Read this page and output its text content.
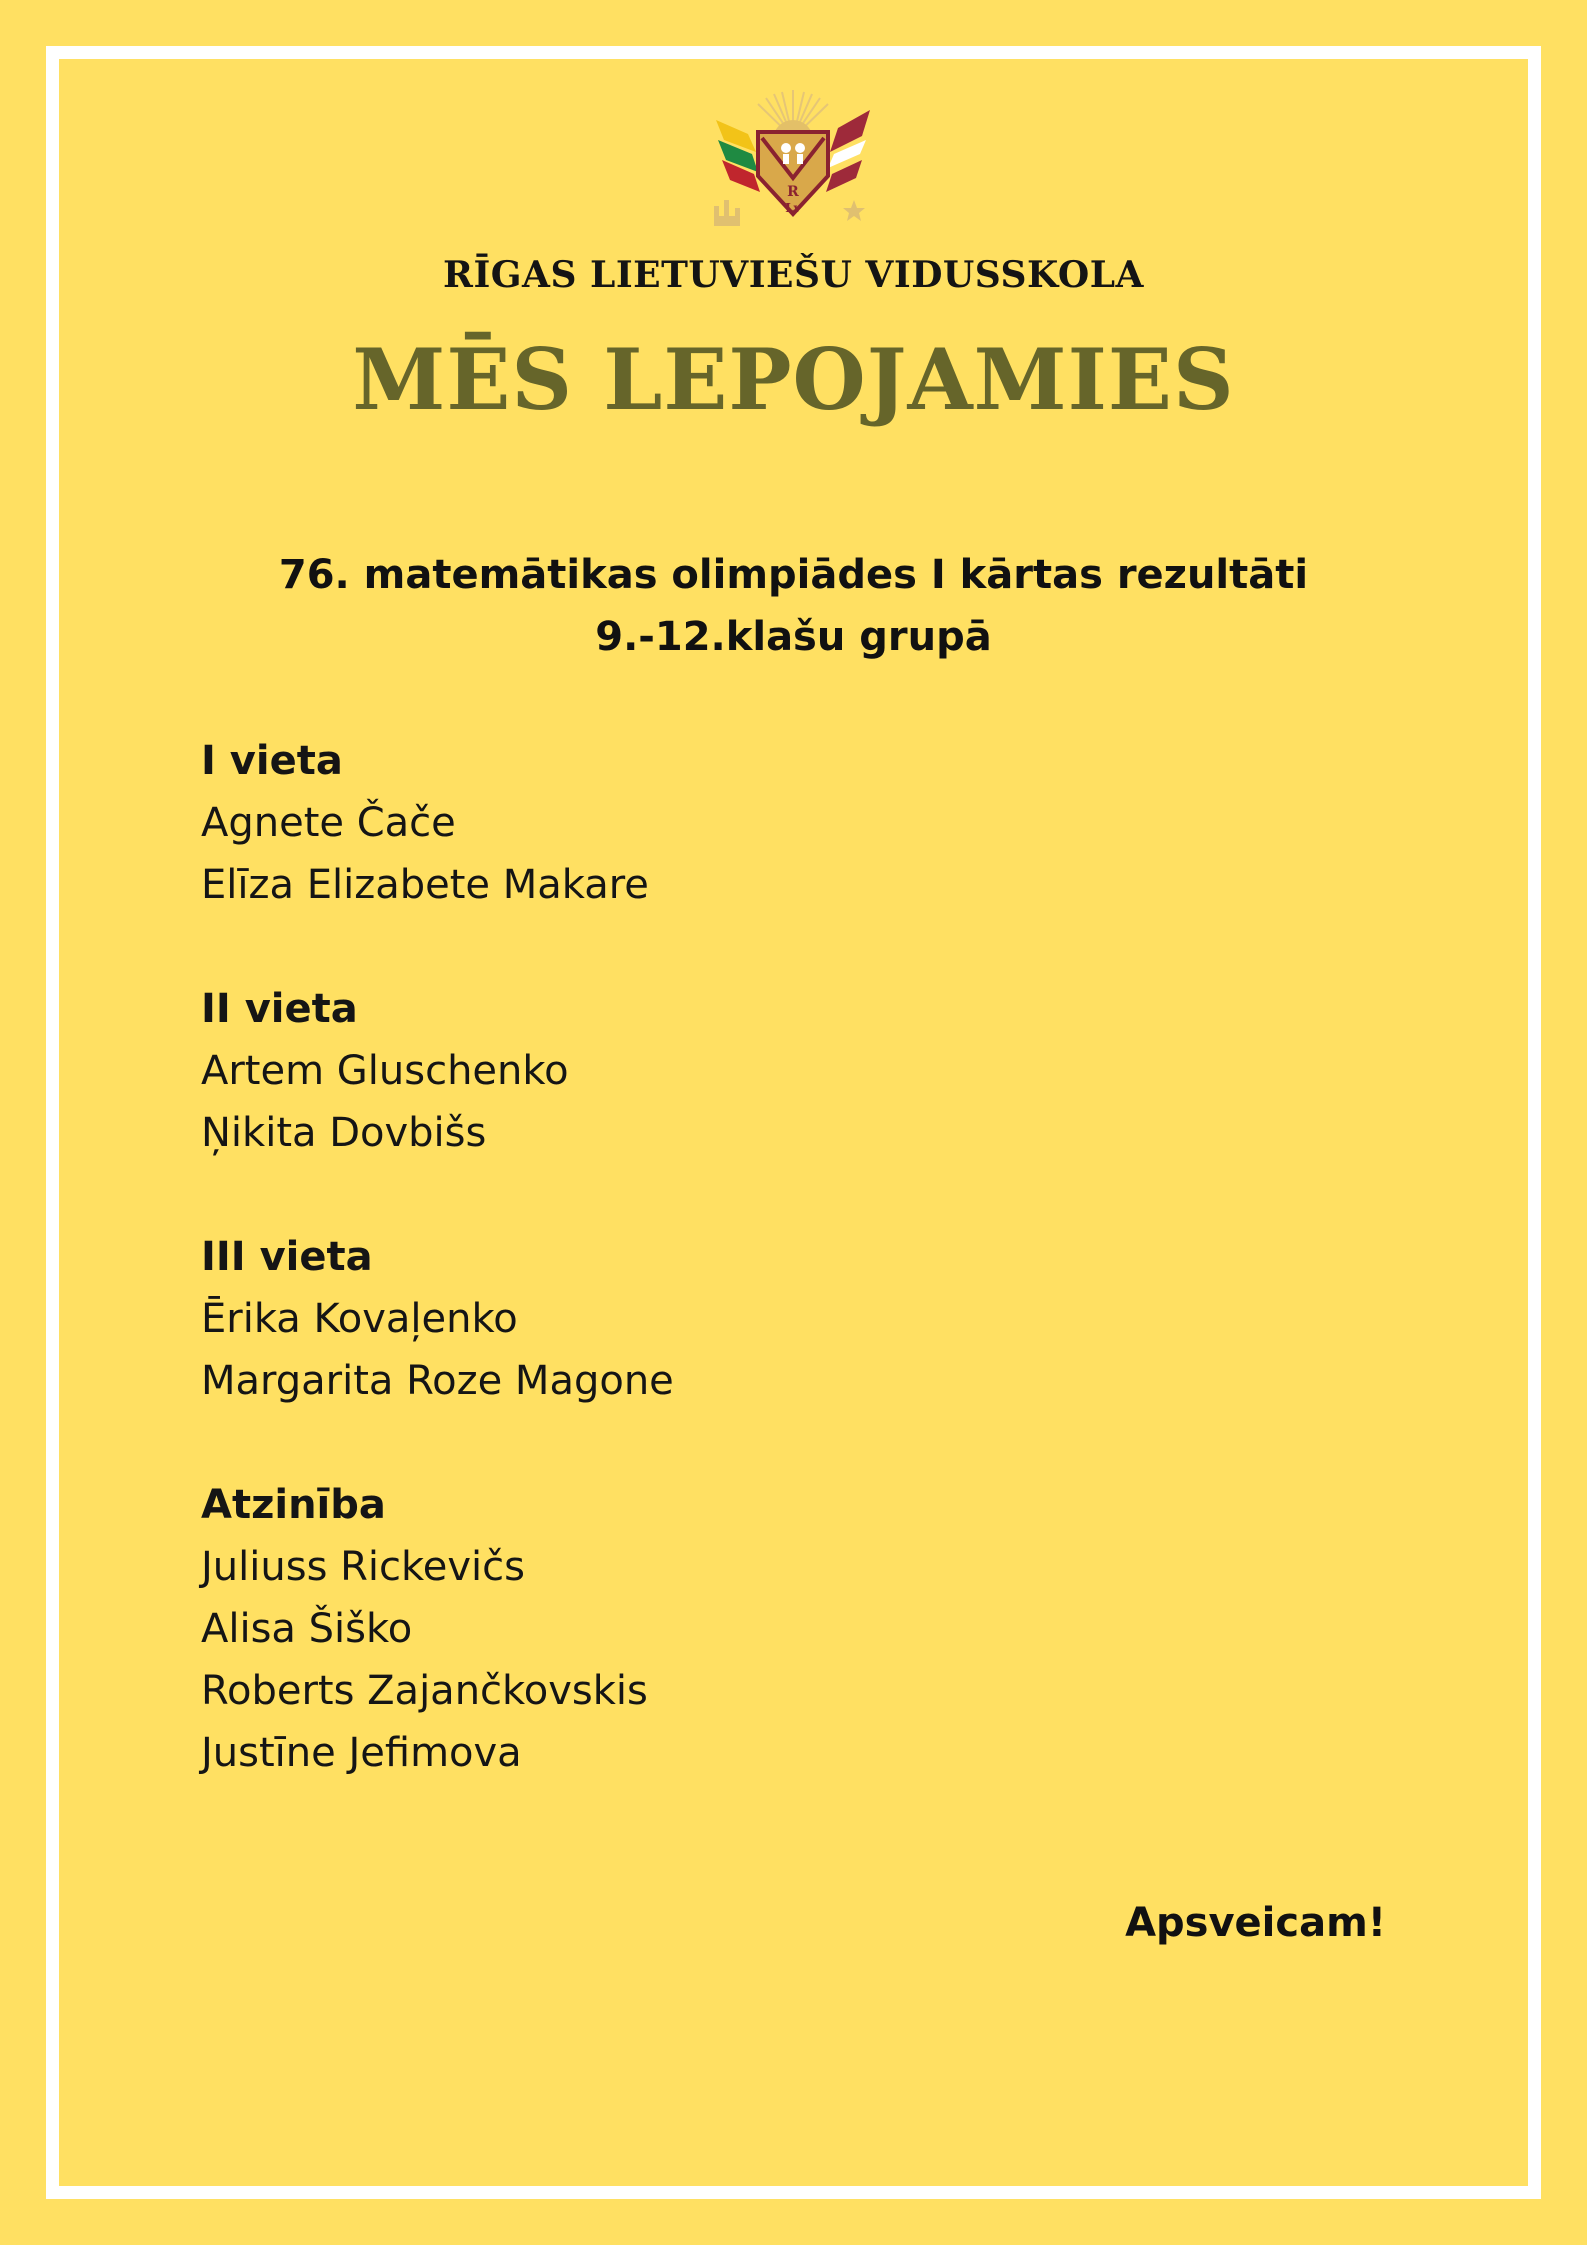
R
Lv
RĪGAS LIETUVIEŠU VIDUSSKOLA
MĒS LEPOJAMIES
76. matemātikas olimpiādes I kārtas rezultāti
9.-12.klašu grupā
I vieta
Agnete Čače
Elīza Elizabete Makare
II vieta
Artem Gluschenko
Ņikita Dovbišs
III vieta
Ērika Kovaļenko
Margarita Roze Magone
Atzinība
Juliuss Rickevičs
Alisa Šiško
Roberts Zajančkovskis
Justīne Jefimova
Apsveicam!
